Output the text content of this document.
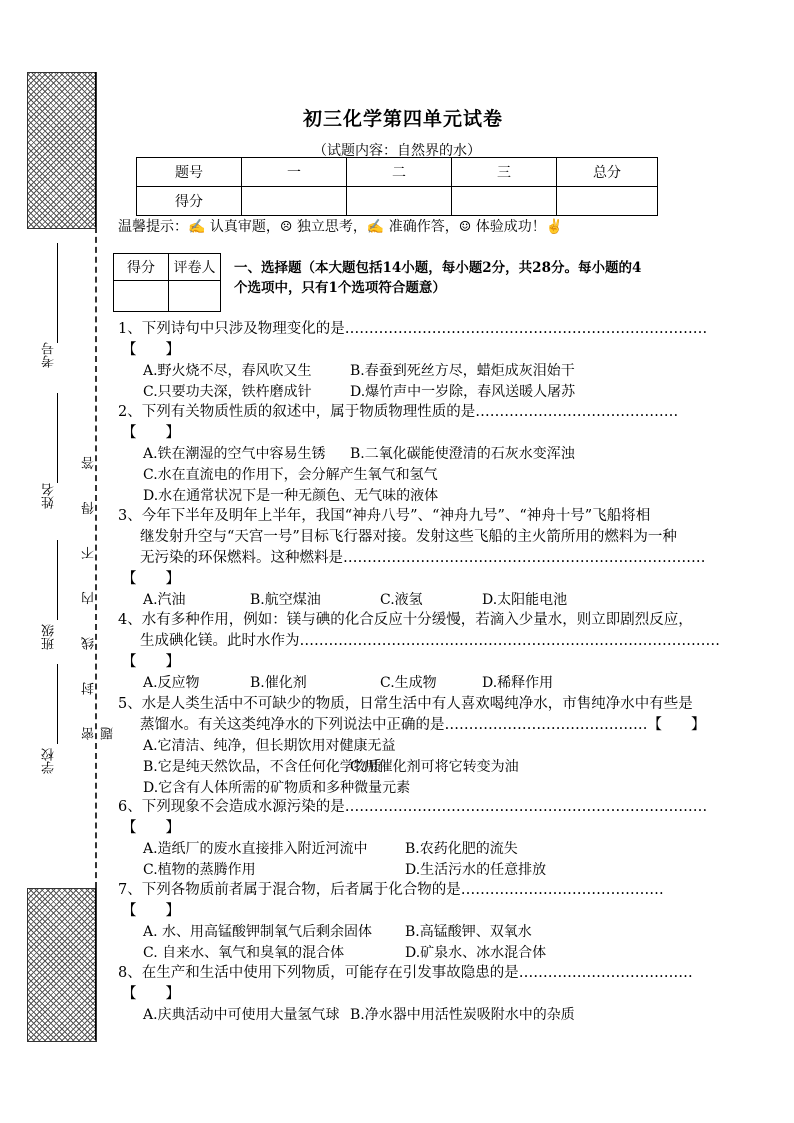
考号
姓名
班级
学校
密 封 线 内 不 得 答 题
初三化学第四单元试卷
（试题内容：自然界的水）
题号	一	二	三	总分
得分				
温馨提示：✍ 认真审题，☹ 独立思考，✍ 准确作答，☺ 体验成功！✌
得分	评卷人
	一、选择题（本大题包括14小题，每小题2分，共28分。每小题的4
个选项中，只有1个选项符合题意）
1、下列诗句中只涉及物理变化的是…………………………………………………………………
【　　】
A.野火烧不尽，春风吹又生	B.春蚕到死丝方尽，蜡炬成灰泪始干
C.只要功夫深，铁杵磨成针	D.爆竹声中一岁除，春风送暖人屠苏
2、下列有关物质性质的叙述中，属于物质物理性质的是……………………………………
【　　】
A.铁在潮湿的空气中容易生锈 B.二氧化碳能使澄清的石灰水变浑浊
C.水在直流电的作用下，会分解产生氧气和氢气
D.水在通常状况下是一种无颜色、无气味的液体
3、今年下半年及明年上半年，我国“神舟八号”、“神舟九号”、“神舟十号”飞船将相
继发射升空与“天宫一号”目标飞行器对接。发射这些飞船的主火箭所用的燃料为一种
无污染的环保燃料。这种燃料是…………………………………………………………………
【　　】
A.汽油	B.航空煤油	C.液氢	D.太阳能电池
4、水有多种作用，例如：镁与碘的化合反应十分缓慢，若滴入少量水，则立即剧烈反应，
生成碘化镁。此时水作为……………………………………………………………………………
【　　】
A.反应物	B.催化剂	C.生成物	D.稀释作用
5、水是人类生活中不可缺少的物质，日常生活中有人喜欢喝纯净水，市售纯净水中有些是
蒸馏水。有关这类纯净水的下列说法中正确的是……………………………………【　　】
A.它清洁、纯净，但长期饮用对健康无益
B.它是纯天然饮品，不含任何化学物质
C.用催化剂可将它转变为油
D.它含有人体所需的矿物质和多种微量元素
6、下列现象不会造成水源污染的是…………………………………………………………………
【　　】
A.造纸厂的废水直接排入附近河流中	B.农药化肥的流失
C.植物的蒸腾作用	D.生活污水的任意排放
7、下列各物质前者属于混合物，后者属于化合物的是……………………………………
【　　】
A. 水、用高锰酸钾制氧气后剩余固体 B.高锰酸钾、双氧水
C. 自来水、氧气和臭氧的混合体	D.矿泉水、冰水混合体
8、在生产和生活中使用下列物质，可能存在引发事故隐患的是………………………………
【　　】
A.庆典活动中可使用大量氢气球 B.净水器中用活性炭吸附水中的杂质
